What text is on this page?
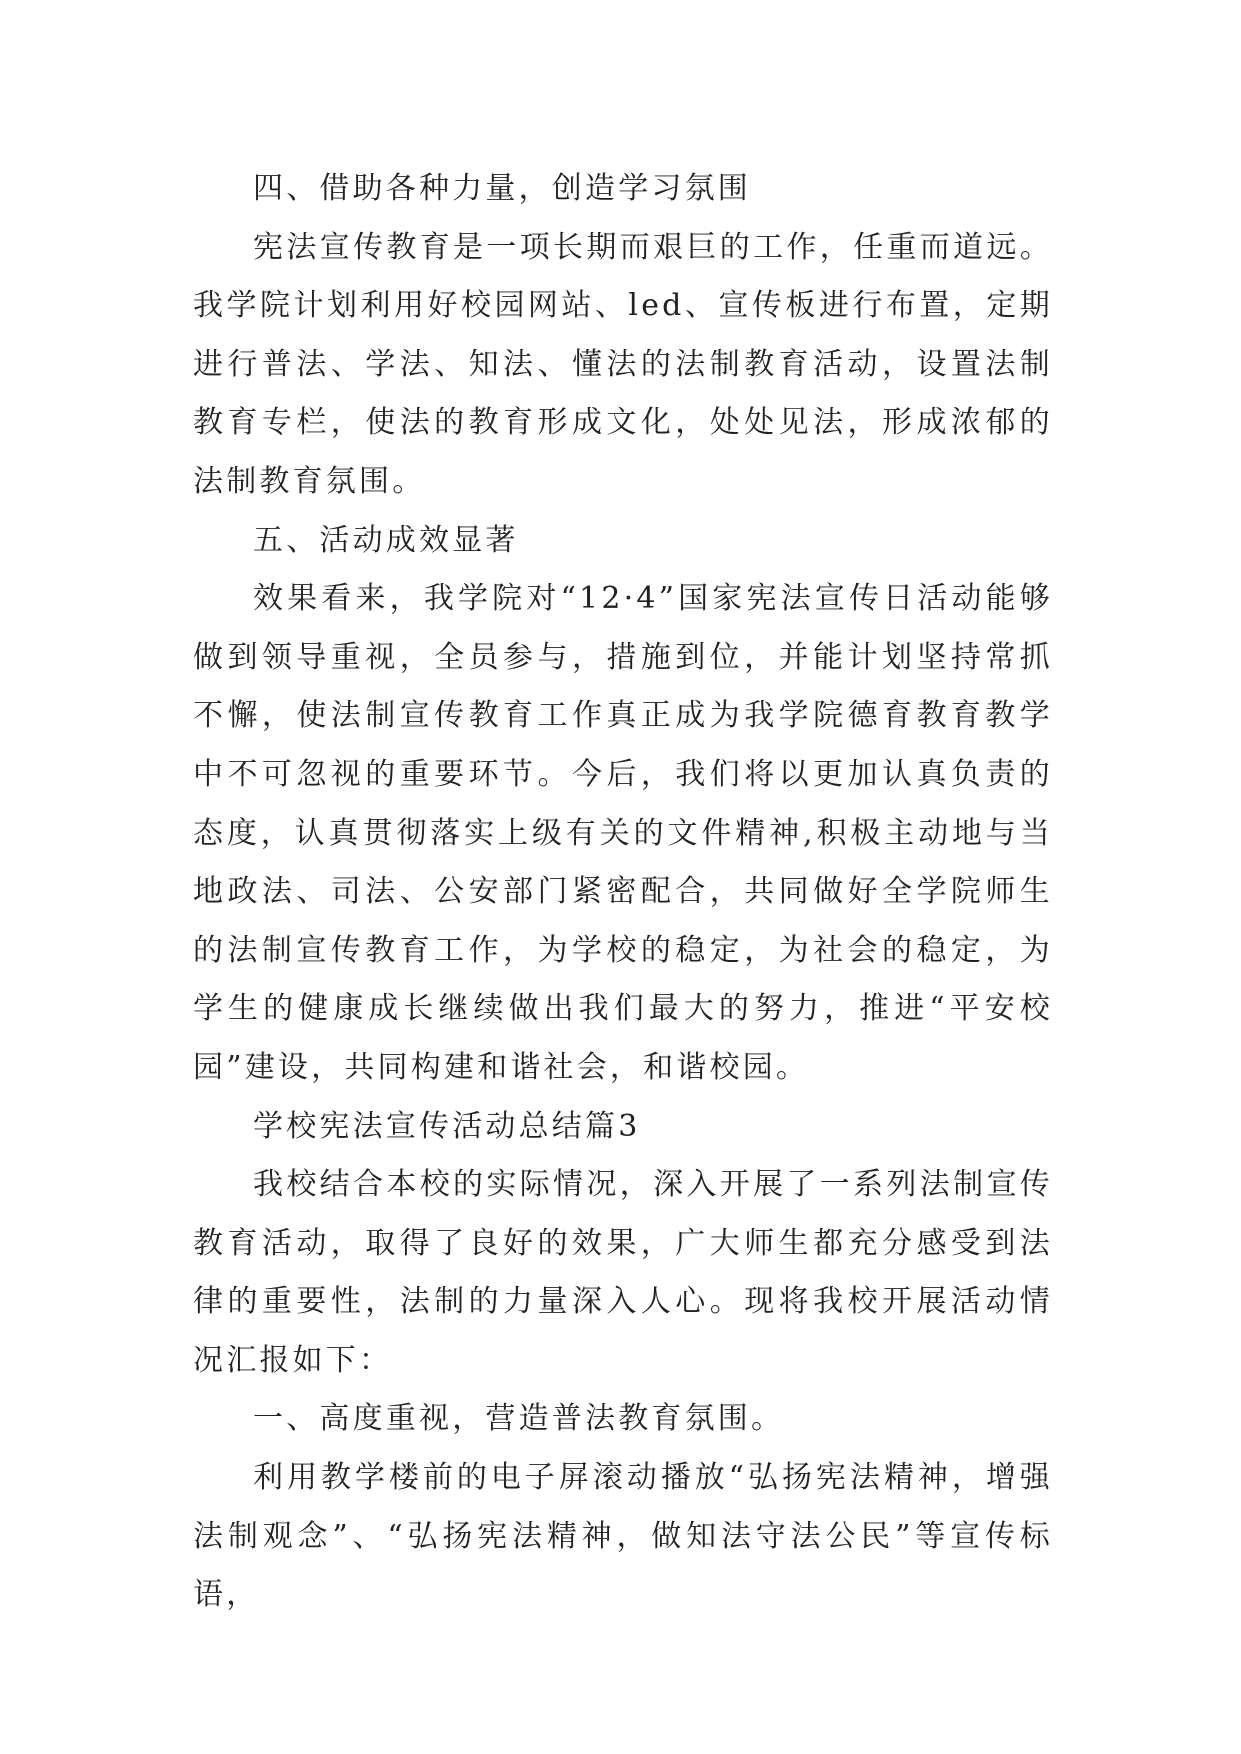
四、借助各种力量，创造学习氛围

宪法宣传教育是一项长期而艰巨的工作，任重而道远。我学院计划利用好校园网站、led、宣传板进行布置，定期进行普法、学法、知法、懂法的法制教育活动，设置法制教育专栏，使法的教育形成文化，处处见法，形成浓郁的法制教育氛围。

五、活动成效显著

效果看来，我学院对“12·4”国家宪法宣传日活动能够做到领导重视，全员参与，措施到位，并能计划坚持常抓不懈，使法制宣传教育工作真正成为我学院德育教育教学中不可忽视的重要环节。今后，我们将以更加认真负责的态度，认真贯彻落实上级有关的文件精神,积极主动地与当地政法、司法、公安部门紧密配合，共同做好全学院师生的法制宣传教育工作，为学校的稳定，为社会的稳定，为学生的健康成长继续做出我们最大的努力，推进“平安校园”建设，共同构建和谐社会，和谐校园。

学校宪法宣传活动总结篇3

我校结合本校的实际情况，深入开展了一系列法制宣传教育活动，取得了良好的效果，广大师生都充分感受到法律的重要性，法制的力量深入人心。现将我校开展活动情况汇报如下：

一、高度重视，营造普法教育氛围。

利用教学楼前的电子屏滚动播放“弘扬宪法精神，增强法制观念”、“弘扬宪法精神，做知法守法公民”等宣传标语，
